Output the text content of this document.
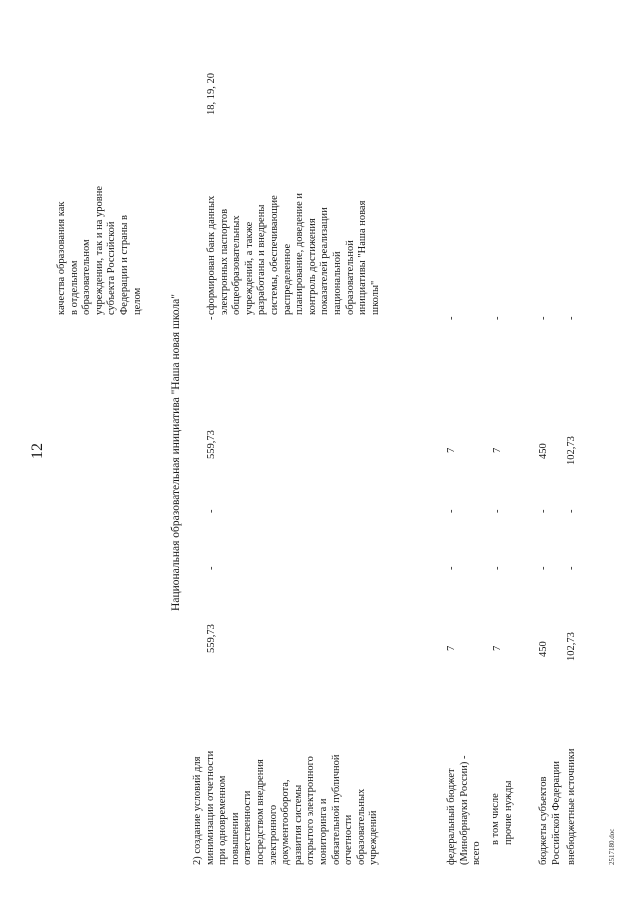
12
качества образования как
в отдельном
образовательном
учреждении, так и на уровне
субъекта Российской
Федерации и страны в
целом Национальная образовательная инициатива "Наша новая школа"
2) создание условий для
минимизации отчетности
при одновременном
повышении
ответственности
посредством внедрения
электронного
документооборота,
развития системы
открытого электронного
мониторинга и
обязательной публичной
отчетности
образовательных
учреждений
559,73
-
-
559,73
-
сформирован банк данных
электронных паспортов
общеобразовательных
учреждений, а также
разработаны и внедрены
системы, обеспечивающие
распределенное
планирование, доведение и
контроль достижения
показателей реализации
национальной
образовательной
инициативы "Наша новая
школы"
18, 19, 20
федеральный бюджет
(Минобрнауки России) -
всего
7
-
-
7
-
в том числе
прочие нужды
7
-
-
7
-
бюджеты субъектов
Российской Федерации
450
-
-
450
-
внебюджетные источники
102,73
-
-
102,73
-
2517180.doc
